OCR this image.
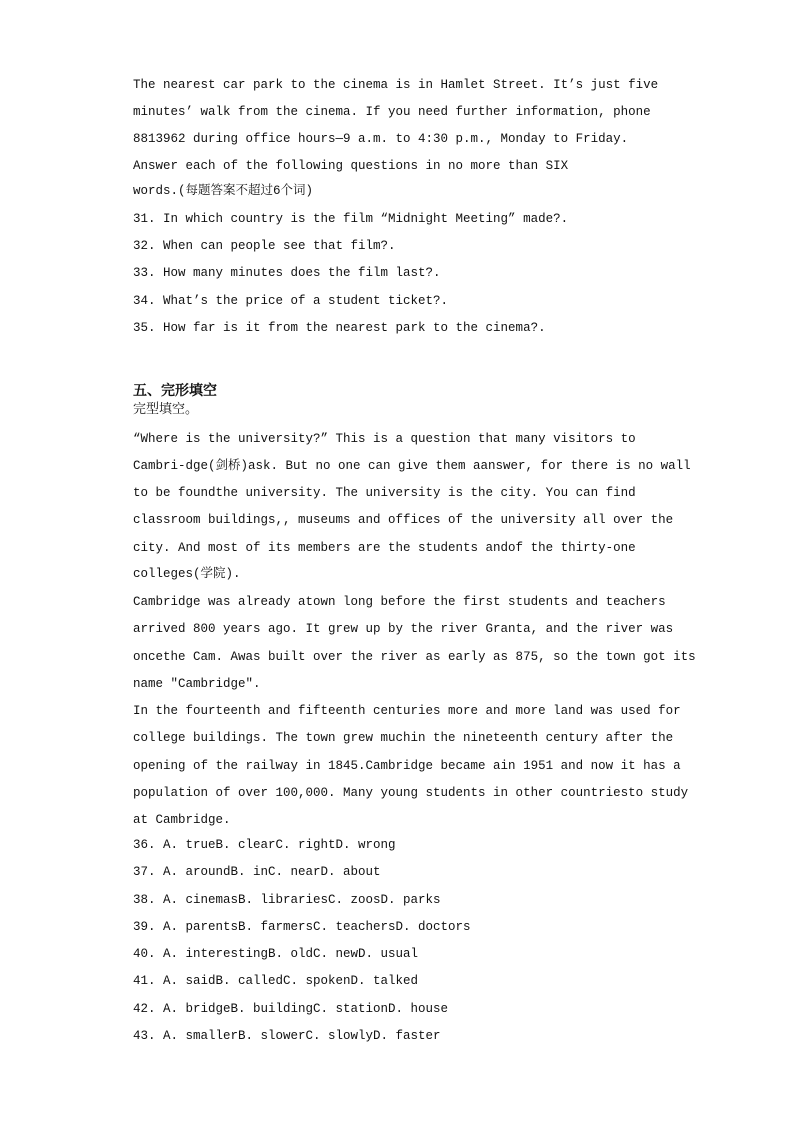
The nearest car park to the cinema is in Hamlet Street. It’s just five
minutes’ walk from the cinema. If you need further information, phone
8813962 during office hours—9 a.m. to 4:30 p.m., Monday to Friday.
Answer each of the following questions in no more than SIX
words.(每题答案不超过6个词)
31. In which country is the film “Midnight Meeting” made?.
32. When can people see that film?.
33. How many minutes does the film last?.
34. What’s the price of a student ticket?.
35. How far is it from the nearest park to the cinema?.
五、完形填空
完型填空。
“Where is the university?” This is a question that many visitors to
Cambri-dge(剑桥)ask. But no one can give them aanswer, for there is no wall
to be foundthe university. The university is the city. You can find
classroom buildings,, museums and offices of the university all over the
city. And most of its members are the students andof the thirty-one
colleges(学院).
Cambridge was already atown long before the first students and teachers
arrived 800 years ago. It grew up by the river Granta, and the river was
oncethe Cam. Awas built over the river as early as 875, so the town got its
name ″Cambridge″.
In the fourteenth and fifteenth centuries more and more land was used for
college buildings. The town grew muchin the nineteenth century after the
opening of the railway in 1845.Cambridge became ain 1951 and now it has a
population of over 100,000. Many young students in other countriesto study
at Cambridge.
36. A. trueB. clearC. rightD. wrong
37. A. aroundB. inC. nearD. about
38. A. cinemasB. librariesC. zoosD. parks
39. A. parentsB. farmersC. teachersD. doctors
40. A. interestingB. oldC. newD. usual
41. A. saidB. calledC. spokenD. talked
42. A. bridgeB. buildingC. stationD. house
43. A. smallerB. slowerC. slowlyD. faster
